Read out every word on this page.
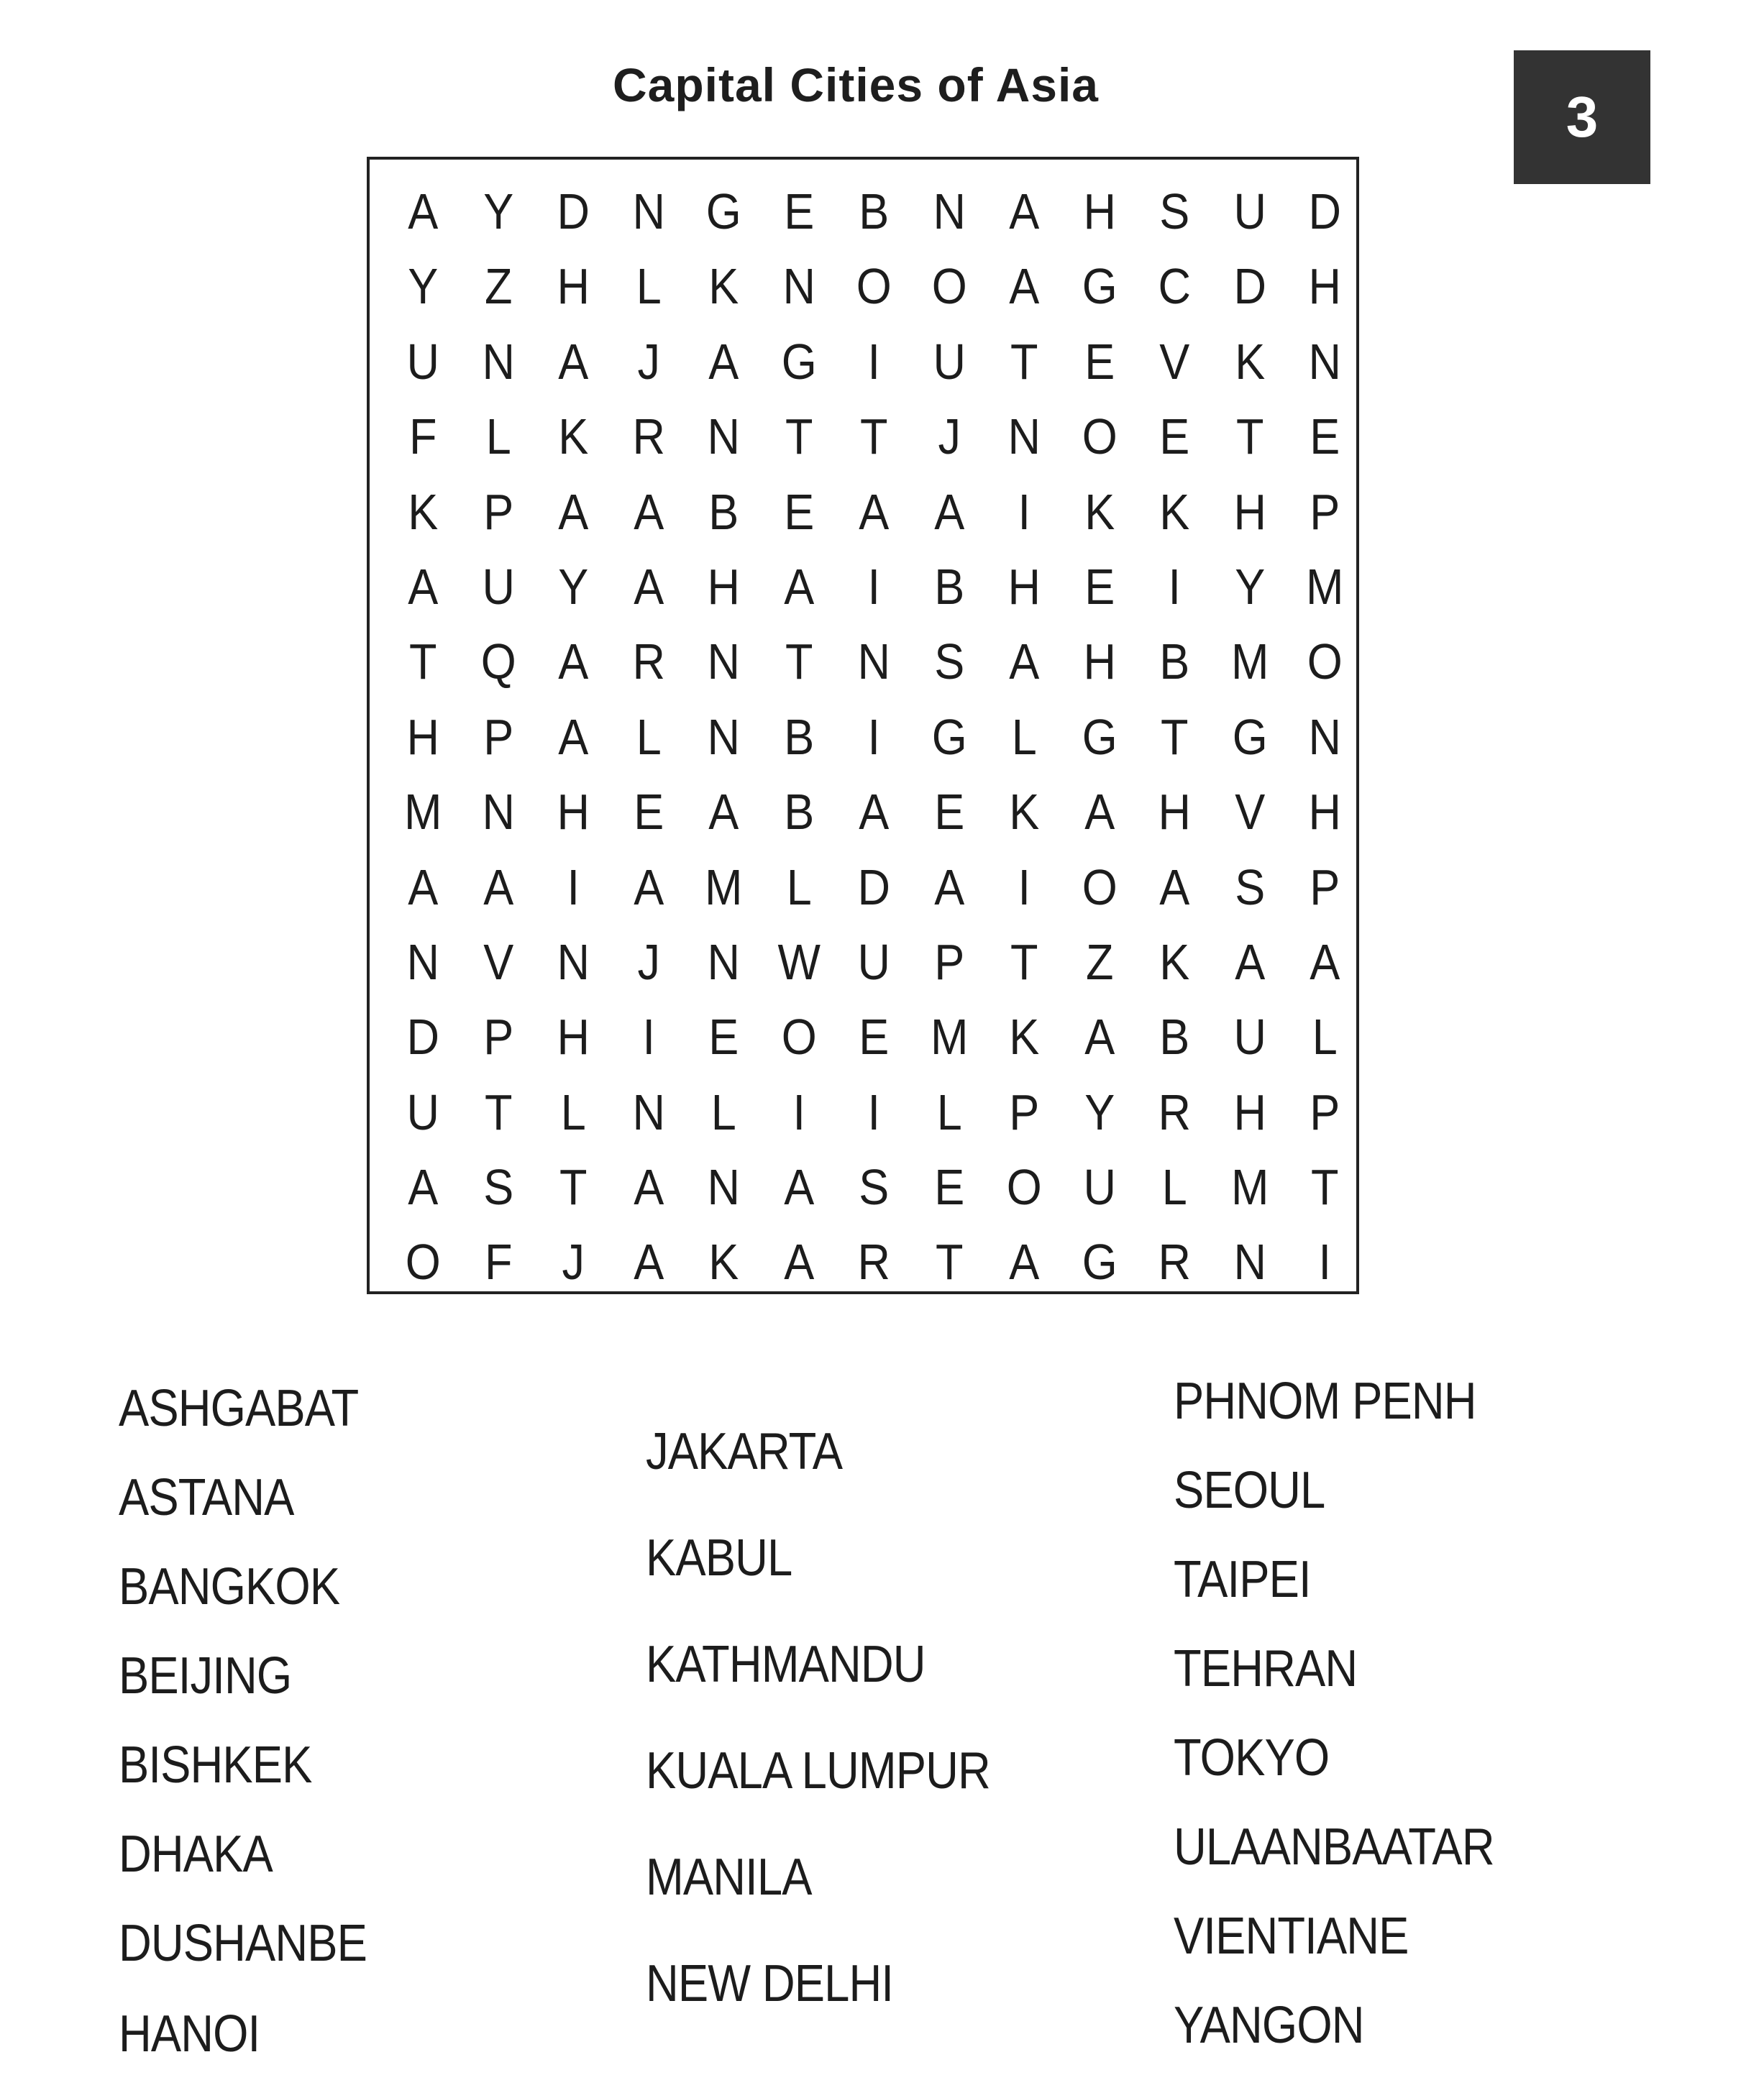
Capital Cities of Asia	3
A Y D N G E B N A H S U D
Y Z H L K N O O A G C D H
U N A J A G	I	U T E V K N
F L K R N T T J N O E T E
K P A A B E A A	I	K K H P
A U Y A H A	I	B H E	I	Y M
T Q A R N T N S A H B M O
H P A L N B	I	G L G T G N
M N H E A B A E K A H V H
A A	I	A M L D A	I	O A S P
N V N J N W U P T Z K A A
D P H	I	E O E M K A B U L
U T L N L	I	I	L P Y R H P
A S T A N A S E O U L M T
O F J A K A R T A G R N	I
ASHGABAT
ASTANA
BANGKOK
BEIJING
BISHKEK
DHAKA
DUSHANBE
HANOI
JAKARTA
KABUL
KATHMANDU
KUALA LUMPUR
MANILA
NEW DELHI
PHNOM PENH
SEOUL
TAIPEI
TEHRAN
TOKYO
ULAANBAATAR
VIENTIANE
YANGON
